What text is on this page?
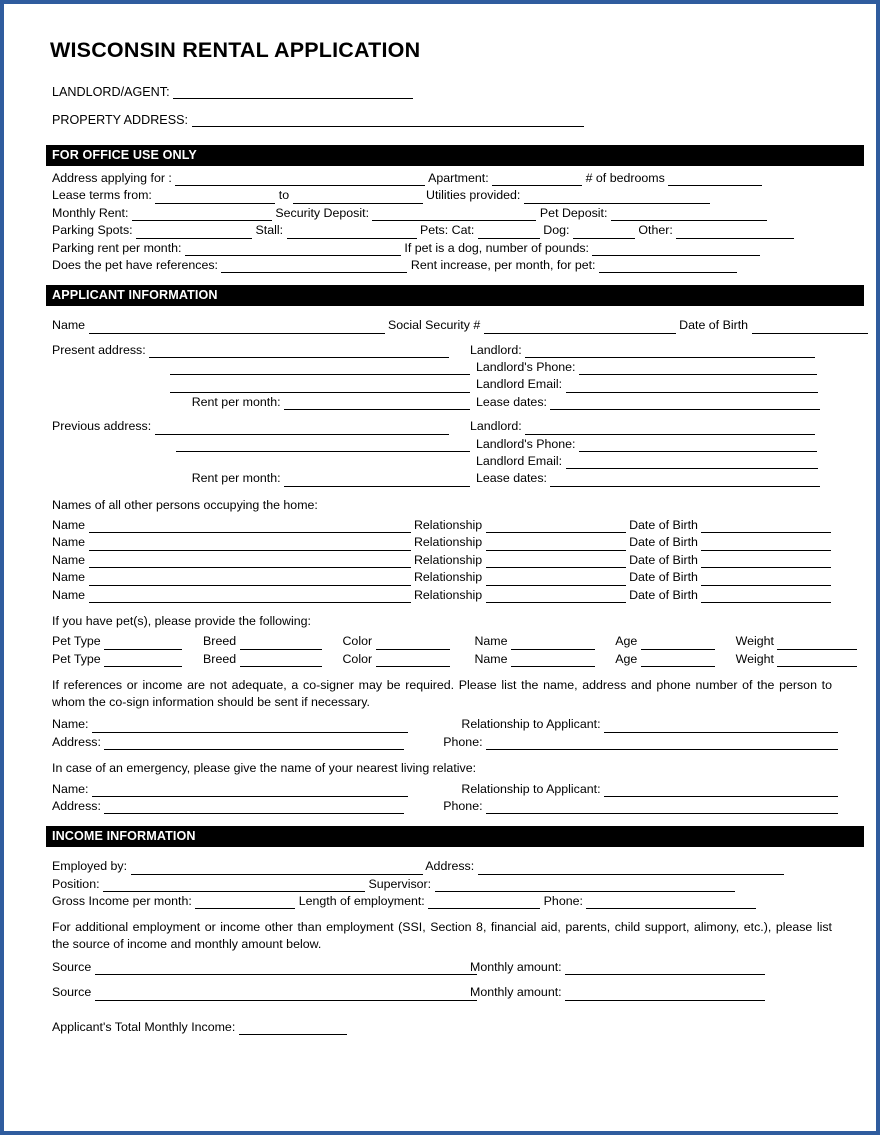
WISCONSIN RENTAL APPLICATION
LANDLORD/AGENT:
PROPERTY ADDRESS:
FOR OFFICE USE ONLY
Address applying for :	Apartment:	# of bedrooms
Lease terms from:	to	Utilities provided:
Monthly Rent:	Security Deposit:	Pet Deposit:
Parking Spots:	Stall:	Pets: Cat:	Dog:	Other:
Parking rent per month:	If pet is a dog, number of pounds:
Does the pet have references:	Rent increase, per month, for pet:
APPLICANT INFORMATION
Name	Social Security #	Date of Birth
Present address:	Landlord:
Landlord's Phone:
Landlord Email:
Rent per month:	Lease dates:
Previous address:	Landlord:
Landlord's Phone:
Landlord Email:
Rent per month:	Lease dates:
Names of all other persons occupying the home:
Name	Relationship	Date of Birth
Name	Relationship	Date of Birth
Name	Relationship	Date of Birth
Name	Relationship	Date of Birth
Name	Relationship	Date of Birth
If you have pet(s), please provide the following:
Pet Type	Breed	Color	Name	Age	Weight
Pet Type	Breed	Color	Name	Age	Weight
If references or income are not adequate, a co-signer may be required. Please list the name, address and phone number of the person to whom the co-sign information should be sent if necessary.
Name:	Relationship to Applicant:
Address:	Phone:
In case of an emergency, please give the name of your nearest living relative:
Name:	Relationship to Applicant:
Address:	Phone:
INCOME INFORMATION
Employed by:	Address:
Position:	Supervisor:
Gross Income per month:	Length of employment:	Phone:
For additional employment or income other than employment (SSI, Section 8, financial aid, parents, child support, alimony, etc.), please list the source of income and monthly amount below.
Source	Monthly amount:
Source	Monthly amount:
Applicant's Total Monthly Income:
